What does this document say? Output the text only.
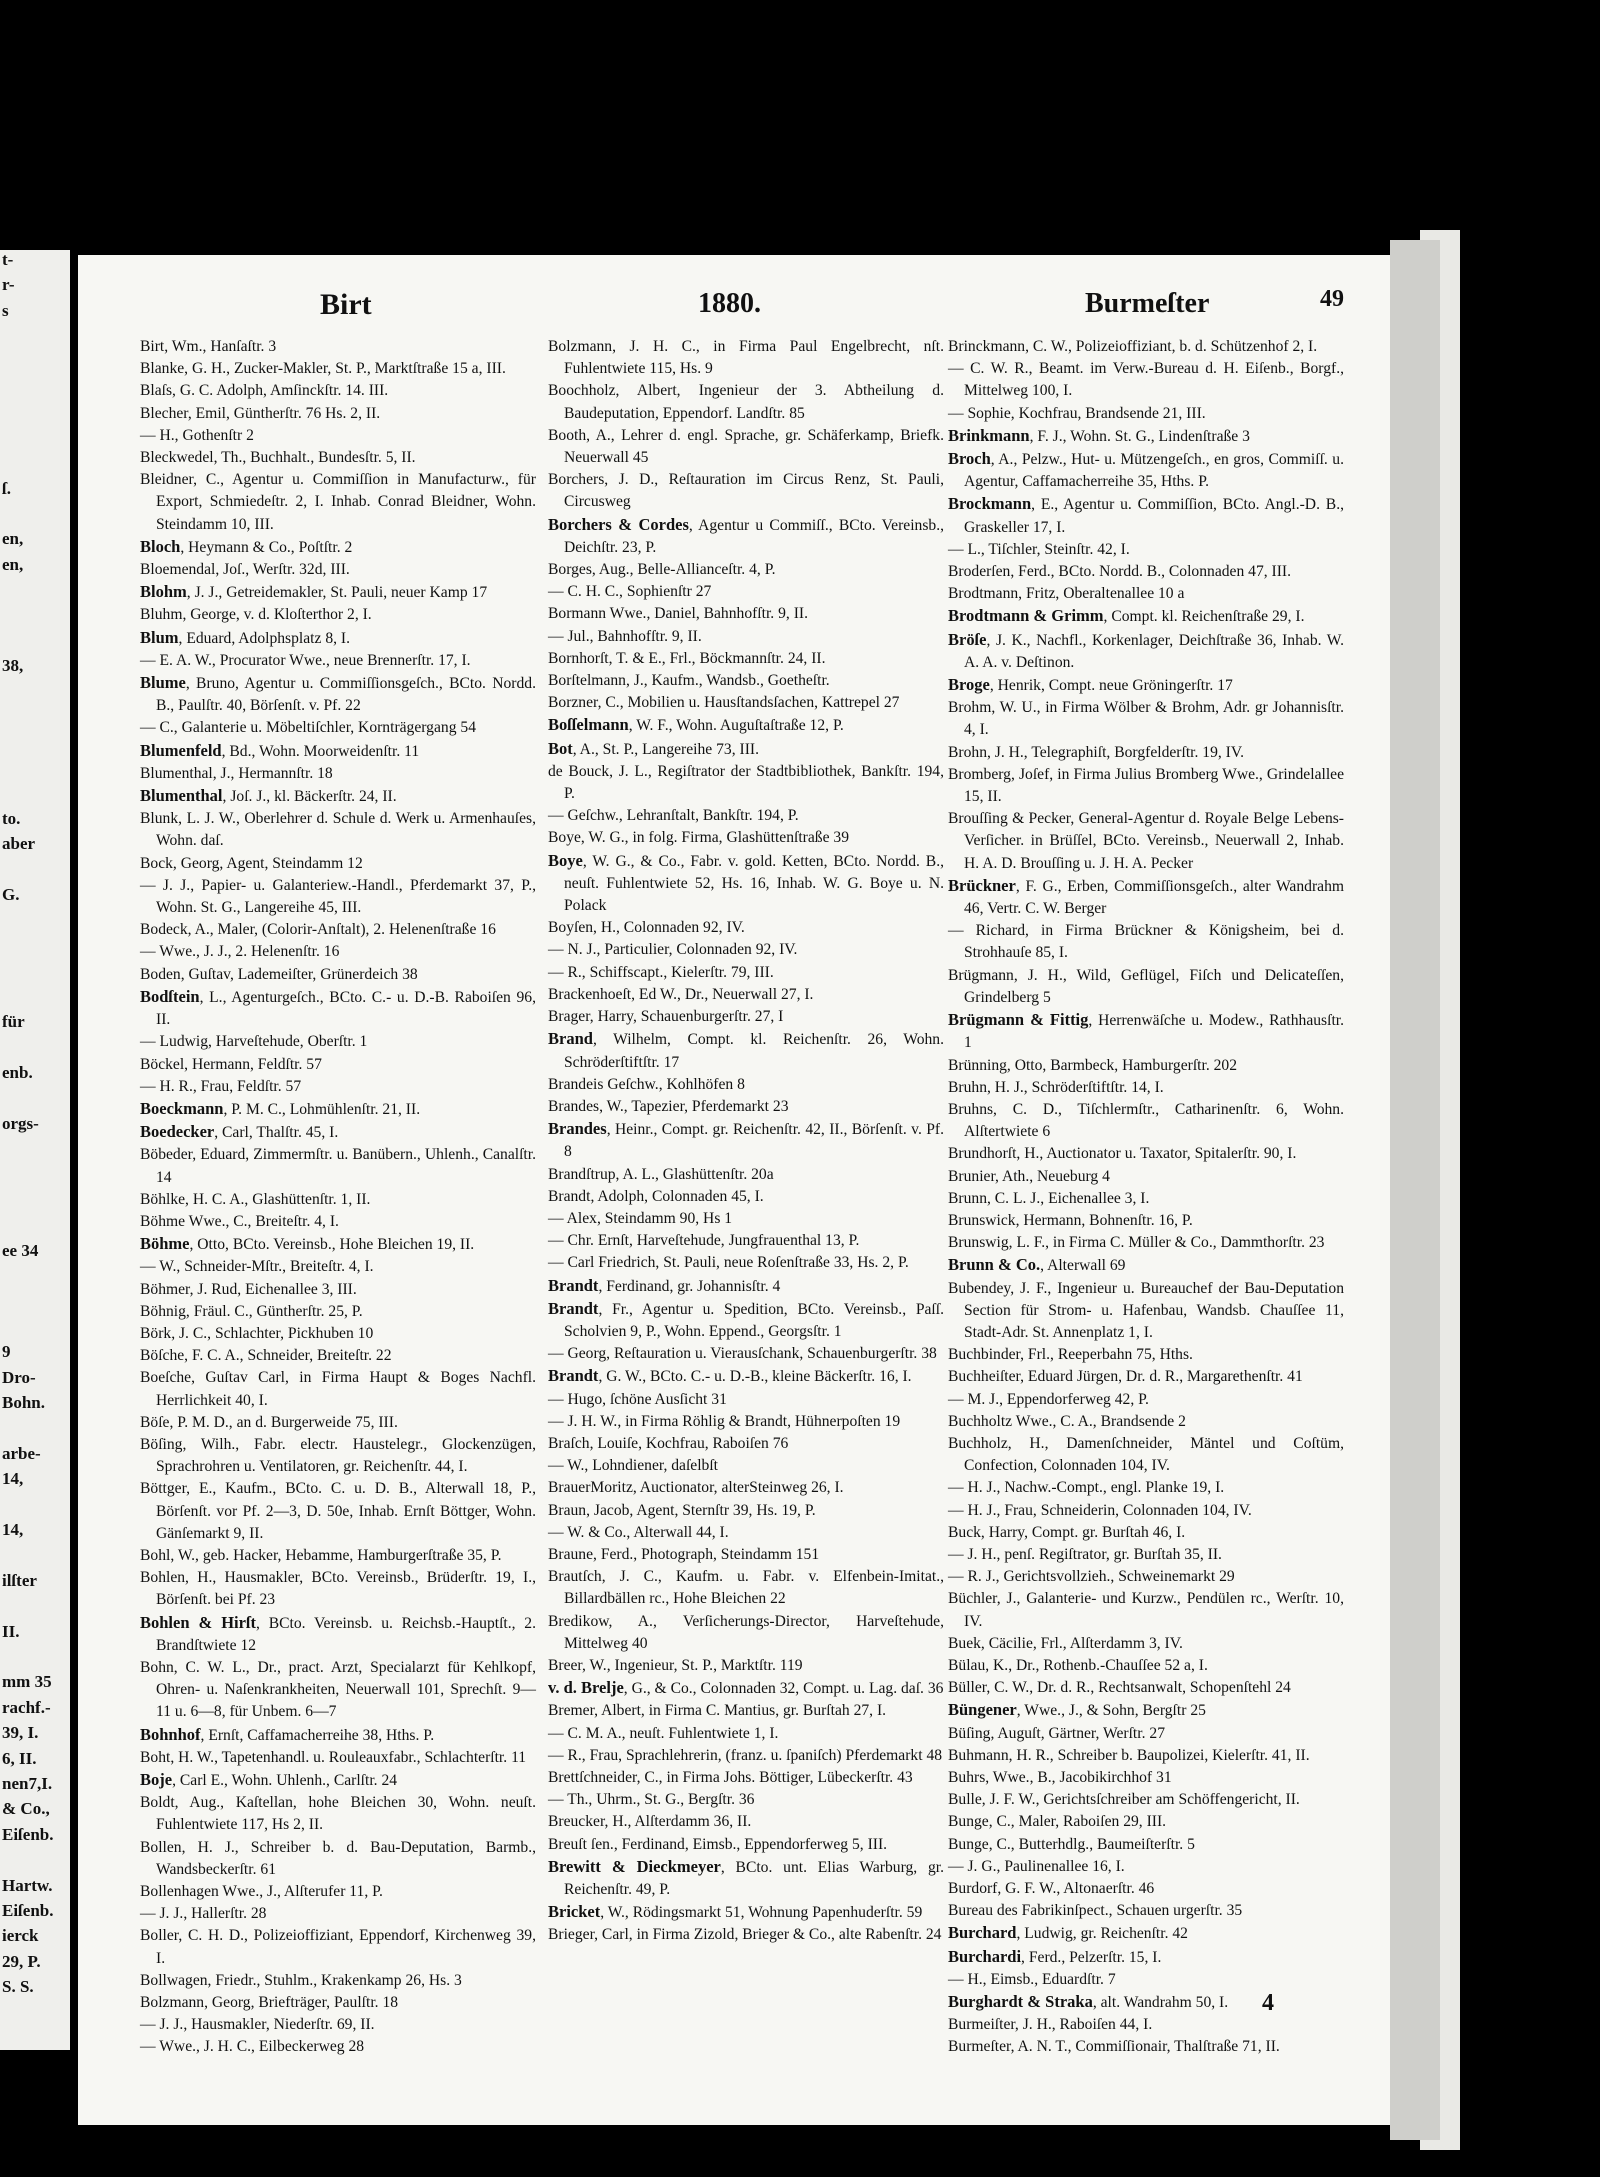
t-
r-
s
ſ.
en,
en,
38,
to.
aber
G.
für
enb.
orgs-
ee 34
9
Dro-
Bohn.
arbe-
14,
14,
ilſter
II.
mm 35
rachf.-
39, I.
6, II.
nen7,I.
& Co.,
Eiſenb.
Hartw.
Eiſenb.
ierck
29, P.
S. S.
Birt	1880.	Burmeſter	49

Birt, Wm., Hanſaſtr. 3

Blanke, G. H., Zucker-Makler, St. P., Marktſtraße 15 a, III.

Blaſs, G. C. Adolph, Amſinckſtr. 14. III.

Blecher, Emil, Güntherſtr. 76 Hs. 2, II.

— H., Gothenſtr 2

Bleckwedel, Th., Buchhalt., Bundesſtr. 5, II.

Bleidner, C., Agentur u. Commiſſion in Manufacturw., für Export, Schmiedeſtr. 2, I. Inhab. Conrad Bleidner, Wohn. Steindamm 10, III.

Bloch, Heymann & Co., Poſtſtr. 2

Bloemendal, Joſ., Werſtr. 32d, III.

Blohm, J. J., Getreidemakler, St. Pauli, neuer Kamp 17

Bluhm, George, v. d. Kloſterthor 2, I.

Blum, Eduard, Adolphsplatz 8, I.

— E. A. W., Procurator Wwe., neue Brennerſtr. 17, I.

Blume, Bruno, Agentur u. Commiſſionsgeſch., BCto. Nordd. B., Paulſtr. 40, Börſenſt. v. Pf. 22

— C., Galanterie u. Möbeltiſchler, Kornträgergang 54

Blumenfeld, Bd., Wohn. Moorweidenſtr. 11

Blumenthal, J., Hermannſtr. 18

Blumenthal, Joſ. J., kl. Bäckerſtr. 24, II.

Blunk, L. J. W., Oberlehrer d. Schule d. Werk u. Armenhauſes, Wohn. daſ.

Bock, Georg, Agent, Steindamm 12

— J. J., Papier- u. Galanteriew.-Handl., Pferdemarkt 37, P., Wohn. St. G., Langereihe 45, III.

Bodeck, A., Maler, (Colorir-Anſtalt), 2. Helenenſtraße 16

— Wwe., J. J., 2. Helenenſtr. 16

Boden, Guſtav, Lademeiſter, Grünerdeich 38

Bodſtein, L., Agenturgeſch., BCto. C.- u. D.-B. Raboiſen 96, II.

— Ludwig, Harveſtehude, Oberſtr. 1

Böckel, Hermann, Feldſtr. 57

— H. R., Frau, Feldſtr. 57

Boeckmann, P. M. C., Lohmühlenſtr. 21, II.

Boedecker, Carl, Thalſtr. 45, I.

Böbeder, Eduard, Zimmermſtr. u. Banübern., Uhlenh., Canalſtr. 14

Böhlke, H. C. A., Glashüttenſtr. 1, II.

Böhme Wwe., C., Breiteſtr. 4, I.

Böhme, Otto, BCto. Vereinsb., Hohe Bleichen 19, II.

— W., Schneider-Mſtr., Breiteſtr. 4, I.

Böhmer, J. Rud, Eichenallee 3, III.

Böhnig, Fräul. C., Güntherſtr. 25, P.

Börk, J. C., Schlachter, Pickhuben 10

Böſche, F. C. A., Schneider, Breiteſtr. 22

Boeſche, Guſtav Carl, in Firma Haupt & Boges Nachfl. Herrlichkeit 40, I.

Böſe, P. M. D., an d. Burgerweide 75, III.

Böſing, Wilh., Fabr. electr. Haustelegr., Glockenzügen, Sprachrohren u. Ventilatoren, gr. Reichenſtr. 44, I.

Böttger, E., Kaufm., BCto. C. u. D. B., Alterwall 18, P., Börſenſt. vor Pf. 2—3, D. 50e, Inhab. Ernſt Böttger, Wohn. Gänſemarkt 9, II.

Bohl, W., geb. Hacker, Hebamme, Hamburgerſtraße 35, P.

Bohlen, H., Hausmakler, BCto. Vereinsb., Brüderſtr. 19, I., Börſenſt. bei Pf. 23

Bohlen & Hirſt, BCto. Vereinsb. u. Reichsb.-Hauptſt., 2. Brandſtwiete 12

Bohn, C. W. L., Dr., pract. Arzt, Specialarzt für Kehlkopf, Ohren- u. Naſenkrankheiten, Neuerwall 101, Sprechſt. 9—11 u. 6—8, für Unbem. 6—7

Bohnhof, Ernſt, Caffamacherreihe 38, Hths. P.

Boht, H. W., Tapetenhandl. u. Rouleauxfabr., Schlachterſtr. 11

Boje, Carl E., Wohn. Uhlenh., Carlſtr. 24

Boldt, Aug., Kaſtellan, hohe Bleichen 30, Wohn. neuſt. Fuhlentwiete 117, Hs 2, II.

Bollen, H. J., Schreiber b. d. Bau-Deputation, Barmb., Wandsbeckerſtr. 61

Bollenhagen Wwe., J., Alſterufer 11, P.

— J. J., Hallerſtr. 28

Boller, C. H. D., Polizeioffiziant, Eppendorf, Kirchenweg 39, I.

Bollwagen, Friedr., Stuhlm., Krakenkamp 26, Hs. 3

Bolzmann, Georg, Briefträger, Paulſtr. 18

— J. J., Hausmakler, Niederſtr. 69, II.

— Wwe., J. H. C., Eilbeckerweg 28

Bolzmann, J. H. C., in Firma Paul Engelbrecht, nſt. Fuhlentwiete 115, Hs. 9

Boochholz, Albert, Ingenieur der 3. Abtheilung d. Baudeputation, Eppendorf. Landſtr. 85

Booth, A., Lehrer d. engl. Sprache, gr. Schäferkamp, Briefk. Neuerwall 45

Borchers, J. D., Reſtauration im Circus Renz, St. Pauli, Circusweg

Borchers & Cordes, Agentur u Commiſſ., BCto. Vereinsb., Deichſtr. 23, P.

Borges, Aug., Belle-Allianceſtr. 4, P.

— C. H. C., Sophienſtr 27

Bormann Wwe., Daniel, Bahnhofſtr. 9, II.

— Jul., Bahnhofſtr. 9, II.

Bornhorſt, T. & E., Frl., Böckmannſtr. 24, II.

Borſtelmann, J., Kaufm., Wandsb., Goetheſtr.

Borzner, C., Mobilien u. Hausſtandsſachen, Kattrepel 27

Boſſelmann, W. F., Wohn. Auguſtaſtraße 12, P.

Bot, A., St. P., Langereihe 73, III.

de Bouck, J. L., Regiſtrator der Stadtbibliothek, Bankſtr. 194, P.

— Geſchw., Lehranſtalt, Bankſtr. 194, P.

Boye, W. G., in folg. Firma, Glashüttenſtraße 39

Boye, W. G., & Co., Fabr. v. gold. Ketten, BCto. Nordd. B., neuſt. Fuhlentwiete 52, Hs. 16, Inhab. W. G. Boye u. N. Polack

Boyſen, H., Colonnaden 92, IV.

— N. J., Particulier, Colonnaden 92, IV.

— R., Schiffscapt., Kielerſtr. 79, III.

Brackenhoeſt, Ed W., Dr., Neuerwall 27, I.

Brager, Harry, Schauenburgerſtr. 27, I

Brand, Wilhelm, Compt. kl. Reichenſtr. 26, Wohn. Schröderſtiftſtr. 17

Brandeis Geſchw., Kohlhöfen 8

Brandes, W., Tapezier, Pferdemarkt 23

Brandes, Heinr., Compt. gr. Reichenſtr. 42, II., Börſenſt. v. Pf. 8

Brandſtrup, A. L., Glashüttenſtr. 20a

Brandt, Adolph, Colonnaden 45, I.

— Alex, Steindamm 90, Hs 1

— Chr. Ernſt, Harveſtehude, Jungfrauenthal 13, P.

— Carl Friedrich, St. Pauli, neue Roſenſtraße 33, Hs. 2, P.

Brandt, Ferdinand, gr. Johannisſtr. 4

Brandt, Fr., Agentur u. Spedition, BCto. Vereinsb., Paſſ. Scholvien 9, P., Wohn. Eppend., Georgsſtr. 1

— Georg, Reſtauration u. Vierausſchank, Schauenburgerſtr. 38

Brandt, G. W., BCto. C.- u. D.-B., kleine Bäckerſtr. 16, I.

— Hugo, ſchöne Ausſicht 31

— J. H. W., in Firma Röhlig & Brandt, Hühnerpoſten 19

Braſch, Louiſe, Kochfrau, Raboiſen 76

— W., Lohndiener, daſelbſt

BrauerMoritz, Auctionator, alterSteinweg 26, I.

Braun, Jacob, Agent, Sternſtr 39, Hs. 19, P.

— W. & Co., Alterwall 44, I.

Braune, Ferd., Photograph, Steindamm 151

Brautſch, J. C., Kaufm. u. Fabr. v. Elfenbein-Imitat., Billardbällen rc., Hohe Bleichen 22

Bredikow, A., Verſicherungs-Director, Harveſtehude, Mittelweg 40

Breer, W., Ingenieur, St. P., Marktſtr. 119

v. d. Brelje, G., & Co., Colonnaden 32, Compt. u. Lag. daſ. 36

Bremer, Albert, in Firma C. Mantius, gr. Burſtah 27, I.

— C. M. A., neuſt. Fuhlentwiete 1, I.

— R., Frau, Sprachlehrerin, (franz. u. ſpaniſch) Pferdemarkt 48

Brettſchneider, C., in Firma Johs. Böttiger, Lübeckerſtr. 43

— Th., Uhrm., St. G., Bergſtr. 36

Breucker, H., Alſterdamm 36, II.

Breuſt ſen., Ferdinand, Eimsb., Eppendorferweg 5, III.

Brewitt & Dieckmeyer, BCto. unt. Elias Warburg, gr. Reichenſtr. 49, P.

Bricket, W., Rödingsmarkt 51, Wohnung Papenhuderſtr. 59

Brieger, Carl, in Firma Zizold, Brieger & Co., alte Rabenſtr. 24

Brinckmann, C. W., Polizeioffiziant, b. d. Schützenhof 2, I.

— C. W. R., Beamt. im Verw.-Bureau d. H. Eiſenb., Borgf., Mittelweg 100, I.

— Sophie, Kochfrau, Brandsende 21, III.

Brinkmann, F. J., Wohn. St. G., Lindenſtraße 3

Broch, A., Pelzw., Hut- u. Mützengeſch., en gros, Commiſſ. u. Agentur, Caffamacherreihe 35, Hths. P.

Brockmann, E., Agentur u. Commiſſion, BCto. Angl.-D. B., Graskeller 17, I.

— L., Tiſchler, Steinſtr. 42, I.

Broderſen, Ferd., BCto. Nordd. B., Colonnaden 47, III.

Brodtmann, Fritz, Oberaltenallee 10 a

Brodtmann & Grimm, Compt. kl. Reichenſtraße 29, I.

Bröſe, J. K., Nachfl., Korkenlager, Deichſtraße 36, Inhab. W. A. A. v. Deſtinon.

Broge, Henrik, Compt. neue Gröningerſtr. 17

Brohm, W. U., in Firma Wölber & Brohm, Adr. gr Johannisſtr. 4, I.

Brohn, J. H., Telegraphiſt, Borgfelderſtr. 19, IV.

Bromberg, Joſef, in Firma Julius Bromberg Wwe., Grindelallee 15, II.

Brouſſing & Pecker, General-Agentur d. Royale Belge Lebens-Verſicher. in Brüſſel, BCto. Vereinsb., Neuerwall 2, Inhab. H. A. D. Brouſſing u. J. H. A. Pecker

Brückner, F. G., Erben, Commiſſionsgeſch., alter Wandrahm 46, Vertr. C. W. Berger

— Richard, in Firma Brückner & Königsheim, bei d. Strohhauſe 85, I.

Brügmann, J. H., Wild, Geflügel, Fiſch und Delicateſſen, Grindelberg 5

Brügmann & Fittig, Herrenwäſche u. Modew., Rathhausſtr. 1

Brünning, Otto, Barmbeck, Hamburgerſtr. 202

Bruhn, H. J., Schröderſtiftſtr. 14, I.

Bruhns, C. D., Tiſchlermſtr., Catharinenſtr. 6, Wohn. Alſtertwiete 6

Brundhorſt, H., Auctionator u. Taxator, Spitalerſtr. 90, I.

Brunier, Ath., Neueburg 4

Brunn, C. L. J., Eichenallee 3, I.

Brunswick, Hermann, Bohnenſtr. 16, P.

Brunswig, L. F., in Firma C. Müller & Co., Dammthorſtr. 23

Brunn & Co., Alterwall 69

Bubendey, J. F., Ingenieur u. Bureauchef der Bau-Deputation Section für Strom- u. Hafenbau, Wandsb. Chauſſee 11, Stadt-Adr. St. Annenplatz 1, I.

Buchbinder, Frl., Reeperbahn 75, Hths.

Buchheiſter, Eduard Jürgen, Dr. d. R., Margarethenſtr. 41

— M. J., Eppendorferweg 42, P.

Buchholtz Wwe., C. A., Brandsende 2

Buchholz, H., Damenſchneider, Mäntel und Coſtüm, Confection, Colonnaden 104, IV.

— H. J., Nachw.-Compt., engl. Planke 19, I.

— H. J., Frau, Schneiderin, Colonnaden 104, IV.

Buck, Harry, Compt. gr. Burſtah 46, I.

— J. H., penſ. Regiſtrator, gr. Burſtah 35, II.

— R. J., Gerichtsvollzieh., Schweinemarkt 29

Büchler, J., Galanterie- und Kurzw., Pendülen rc., Werſtr. 10, IV.

Buek, Cäcilie, Frl., Alſterdamm 3, IV.

Bülau, K., Dr., Rothenb.-Chauſſee 52 a, I.

Büller, C. W., Dr. d. R., Rechtsanwalt, Schopenſtehl 24

Büngener, Wwe., J., & Sohn, Bergſtr 25

Büſing, Auguſt, Gärtner, Werſtr. 27

Buhmann, H. R., Schreiber b. Baupolizei, Kielerſtr. 41, II.

Buhrs, Wwe., B., Jacobikirchhof 31

Bulle, J. F. W., Gerichtsſchreiber am Schöffengericht, II.

Bunge, C., Maler, Raboiſen 29, III.

Bunge, C., Butterhdlg., Baumeiſterſtr. 5

— J. G., Paulinenallee 16, I.

Burdorf, G. F. W., Altonaerſtr. 46

Bureau des Fabrikinſpect., Schauen urgerſtr. 35

Burchard, Ludwig, gr. Reichenſtr. 42

Burchardi, Ferd., Pelzerſtr. 15, I.

— H., Eimsb., Eduardſtr. 7

Burghardt & Straka, alt. Wandrahm 50, I.

Burmeiſter, J. H., Raboiſen 44, I.

Burmeſter, A. N. T., Commiſſionair, Thalſtraße 71, II.

4
